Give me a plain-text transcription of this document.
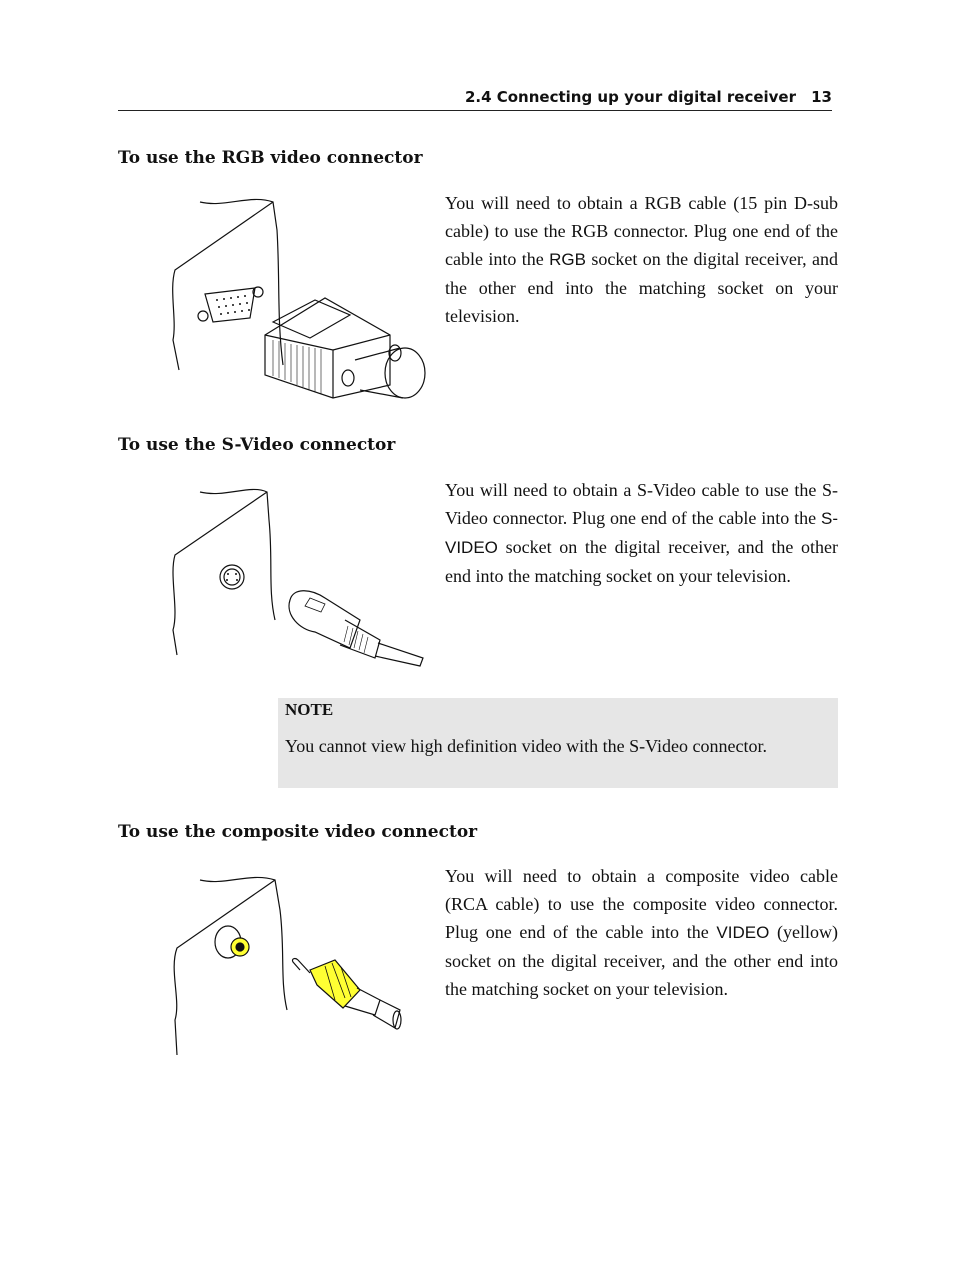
2.4 Connecting up your digital receiver 13
To use the RGB video connector
You will need to obtain a RGB cable (15 pin D-sub cable) to use the RGB connector. Plug one end of the cable into the RGB socket on the digital receiver, and the other end into the matching socket on your television.
To use the S-Video connector
You will need to obtain a S-Video cable to use the S-Video connector. Plug one end of the cable into the S-VIDEO socket on the digital receiver, and the other end into the matching socket on your television.
NOTE
You cannot view high definition video with the S-Video connector.
To use the composite video connector
You will need to obtain a composite video cable (RCA cable) to use the composite video connector. Plug one end of the cable into the VIDEO (yellow) socket on the digital receiver, and the other end into the matching socket on your television.
